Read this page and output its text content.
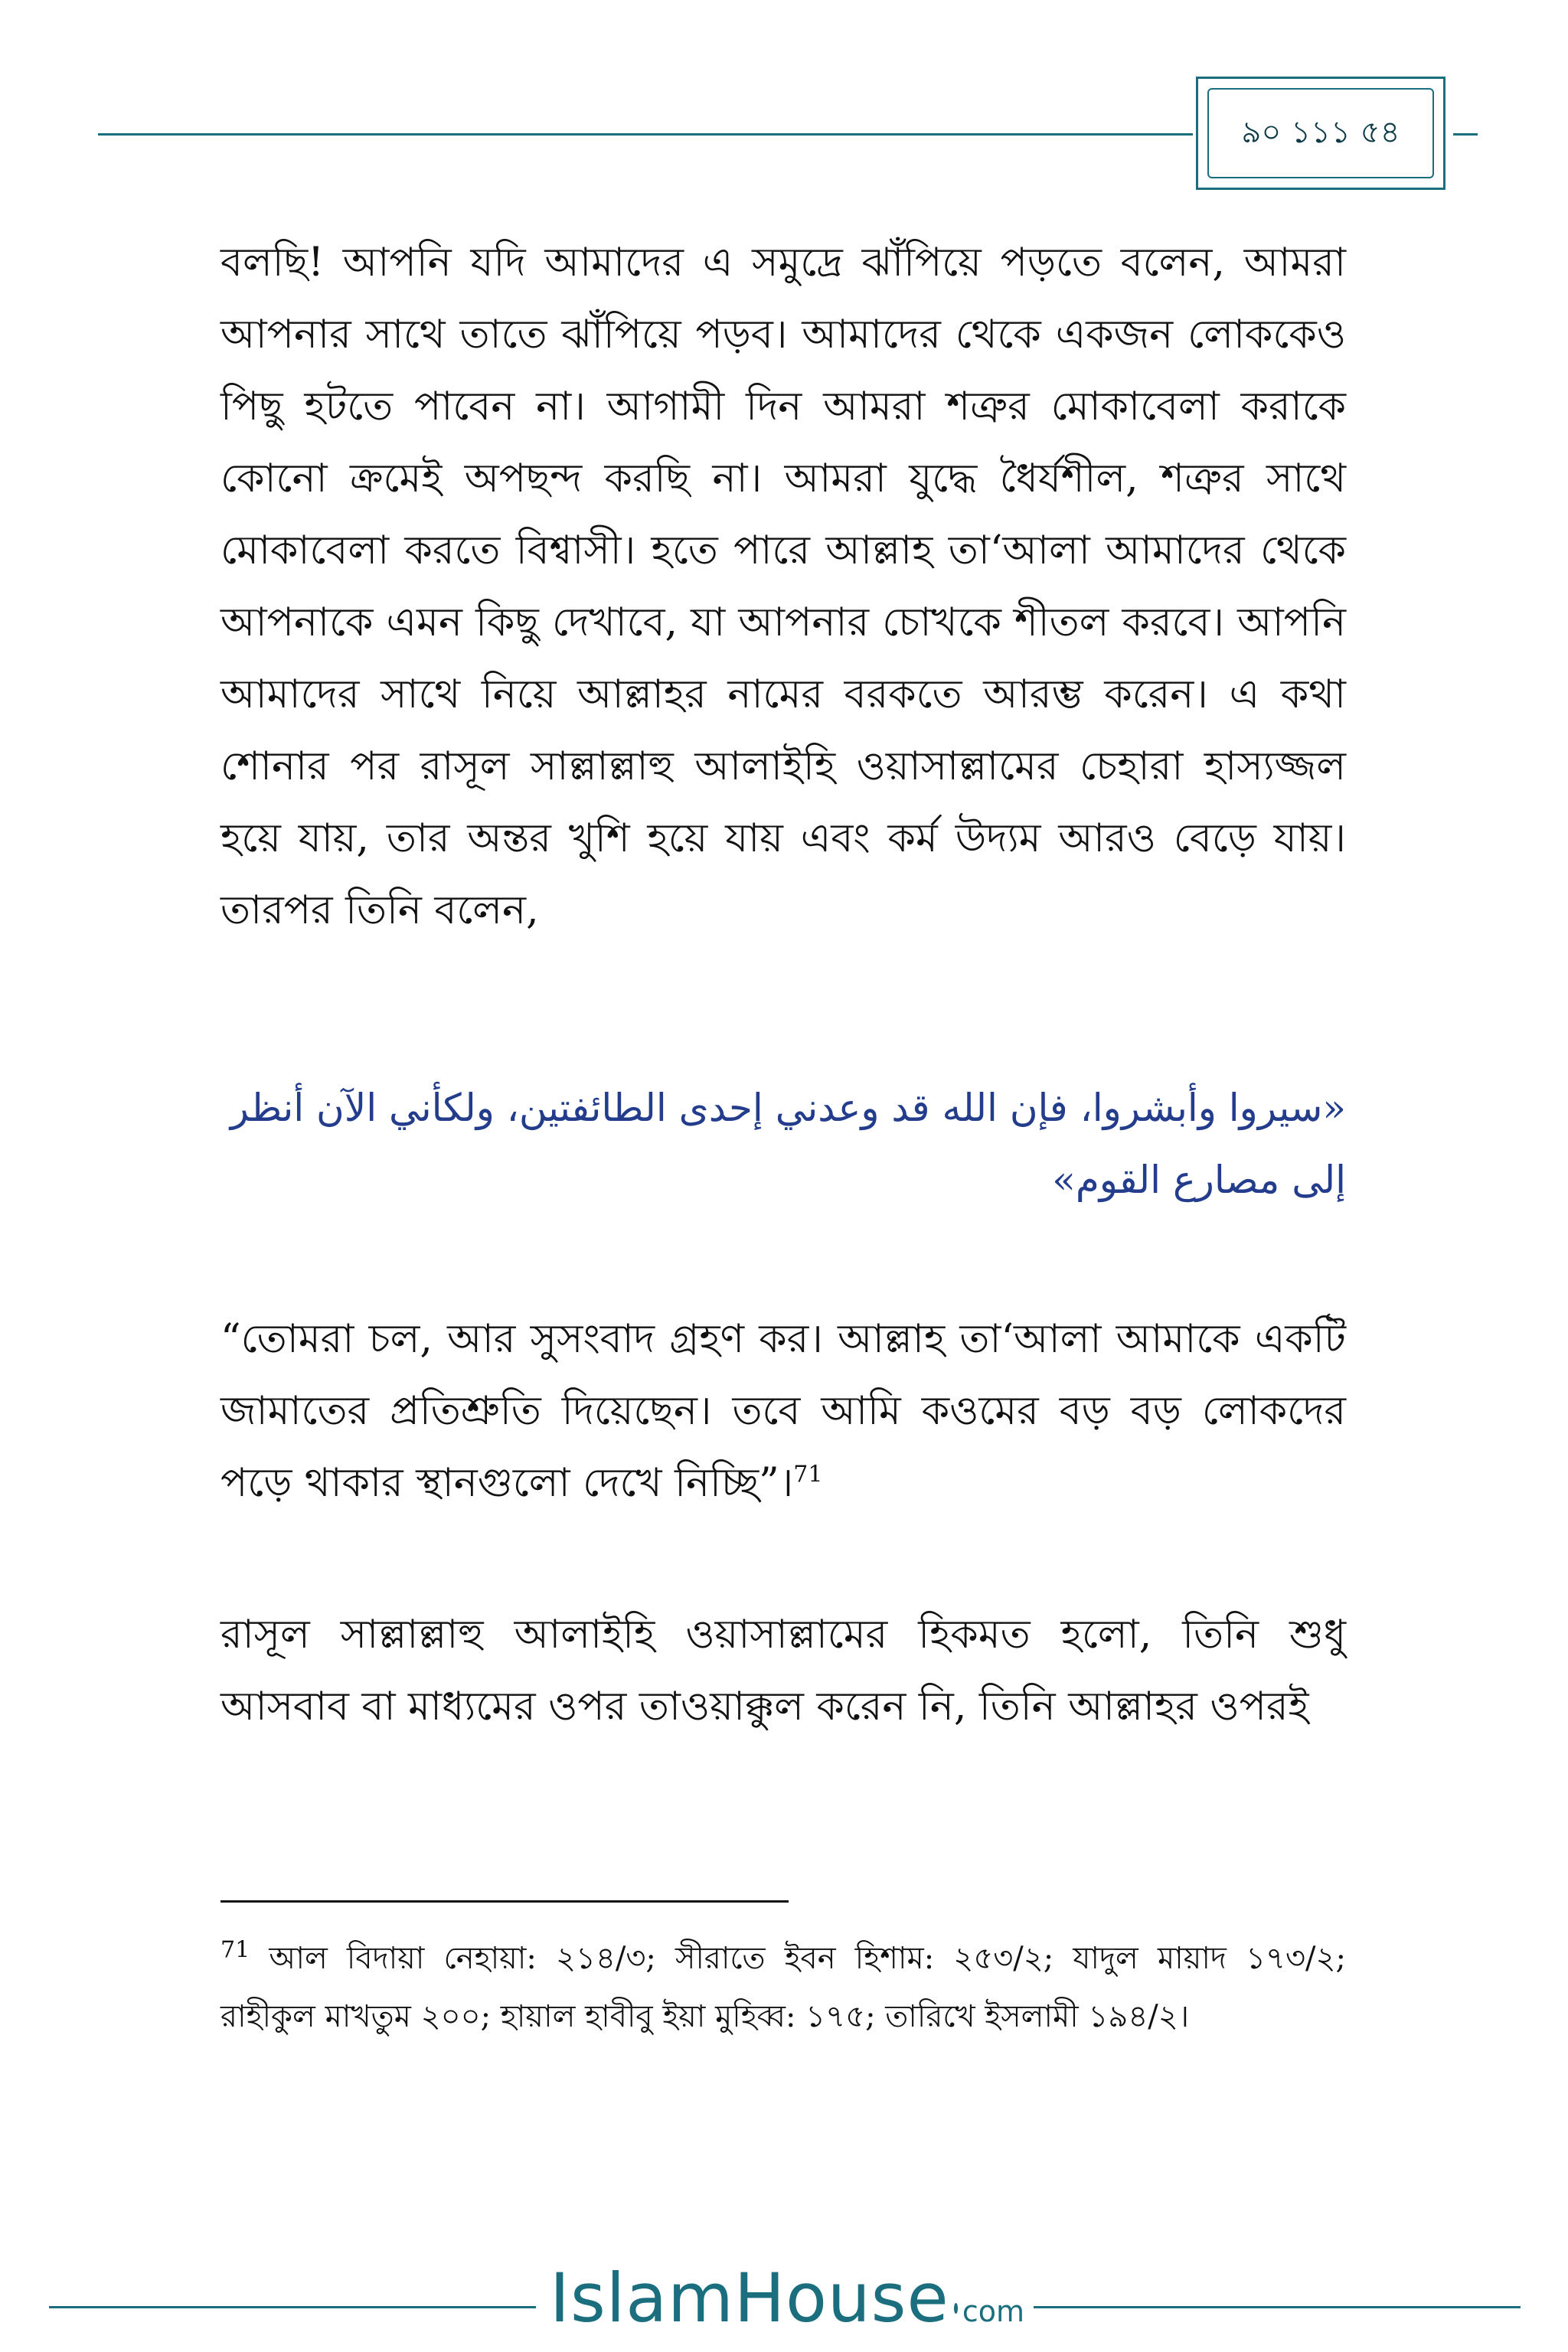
৯০ ১১১ ৫৪

বলছি! আপনি যদি আমাদের এ সমুদ্রে ঝাঁপিয়ে পড়তে বলেন, আমরা আপনার সাথে তাতে ঝাঁপিয়ে পড়ব। আমাদের থেকে একজন লোককেও পিছু হটতে পাবেন না। আগামী দিন আমরা শত্রুর মোকাবেলা করাকে কোনো ক্রমেই অপছন্দ করছি না। আমরা যুদ্ধে ধৈর্যশীল, শত্রুর সাথে মোকাবেলা করতে বিশ্বাসী। হতে পারে আল্লাহ তা‘আলা আমাদের থেকে আপনাকে এমন কিছু দেখাবে, যা আপনার চোখকে শীতল করবে। আপনি আমাদের সাথে নিয়ে আল্লাহর নামের বরকতে আরম্ভ করেন। এ কথা শোনার পর রাসূল সাল্লাল্লাহু আলাইহি ওয়াসাল্লামের চেহারা হাস্যজ্জল হয়ে যায়, তার অন্তর খুশি হয়ে যায় এবং কর্ম উদ্যম আরও বেড়ে যায়। তারপর তিনি বলেন,

«سيروا وأبشروا، فإن الله قد وعدني إحدى الطائفتين، ولكأني الآن أنظر إلى مصارع القوم»

“তোমরা চল, আর সুসংবাদ গ্রহণ কর। আল্লাহ তা‘আলা আমাকে একটি জামাতের প্রতিশ্রুতি দিয়েছেন। তবে আমি কওমের বড় বড় লোকদের পড়ে থাকার স্থানগুলো দেখে নিচ্ছি”।$^{71}$

রাসূল সাল্লাল্লাহু আলাইহি ওয়াসাল্লামের হিকমত হলো, তিনি শুধু আসবাব বা মাধ্যমের ওপর তাওয়াক্কুল করেন নি, তিনি আল্লাহর ওপরই

$^{71}$ আল বিদায়া নেহায়া: ২১৪/৩; সীরাতে ইবন হিশাম: ২৫৩/২; যাদুল মায়াদ ১৭৩/২; রাহীকুল মাখতুম ২০০; হায়াল হাবীবু ইয়া মুহিব্ব: ১৭৫; তারিখে ইসলামী ১৯৪/২।

IslamHouse com
